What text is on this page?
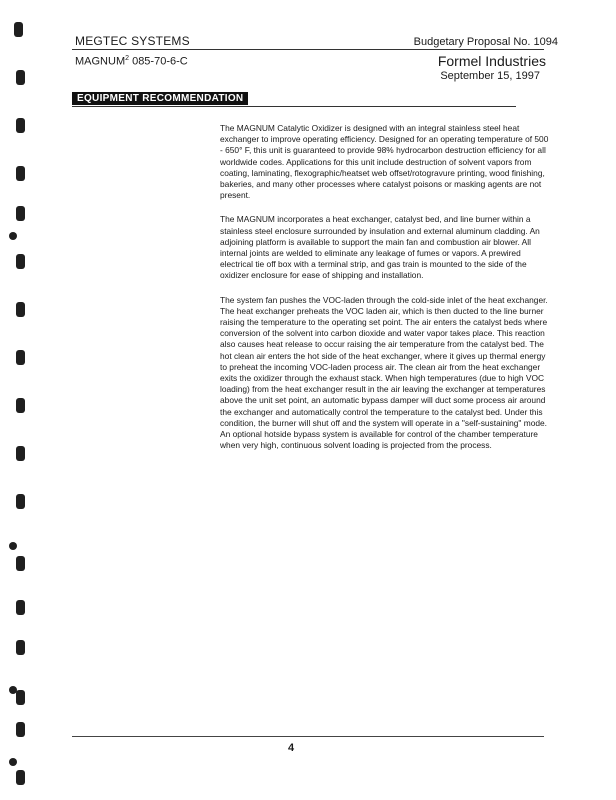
MEGTEC SYSTEMS	Budgetary Proposal No. 1094
MAGNUM$^2$ 085-70-6-C	Formel Industries
September 15, 1997
EQUIPMENT RECOMMENDATION

The MAGNUM Catalytic Oxidizer is designed with an integral stainless steel heat exchanger to improve operating efficiency. Designed for an operating temperature of 500 - 650° F, this unit is guaranteed to provide 98% hydrocarbon destruction efficiency for all worldwide codes. Applications for this unit include destruction of solvent vapors from coating, laminating, flexographic/heatset web offset/rotogravure printing, wood finishing, bakeries, and many other processes where catalyst poisons or masking agents are not present.

The MAGNUM incorporates a heat exchanger, catalyst bed, and line burner within a stainless steel enclosure surrounded by insulation and external aluminum cladding. An adjoining platform is available to support the main fan and combustion air blower. All internal joints are welded to eliminate any leakage of fumes or vapors. A prewired electrical tie off box with a terminal strip, and gas train is mounted to the side of the oxidizer enclosure for ease of shipping and installation.

The system fan pushes the VOC-laden through the cold-side inlet of the heat exchanger. The heat exchanger preheats the VOC laden air, which is then ducted to the line burner raising the temperature to the operating set point. The air enters the catalyst beds where conversion of the solvent into carbon dioxide and water vapor takes place. This reaction also causes heat release to occur raising the air temperature from the catalyst bed. The hot clean air enters the hot side of the heat exchanger, where it gives up thermal energy to preheat the incoming VOC-laden process air. The clean air from the heat exchanger exits the oxidizer through the exhaust stack. When high temperatures (due to high VOC loading) from the heat exchanger result in the air leaving the exchanger at temperatures above the unit set point, an automatic bypass damper will duct some process air around the exchanger and automatically control the temperature to the catalyst bed. Under this condition, the burner will shut off and the system will operate in a "self-sustaining" mode. An optional hotside bypass system is available for control of the chamber temperature when very high, continuous solvent loading is projected from the process.

4
